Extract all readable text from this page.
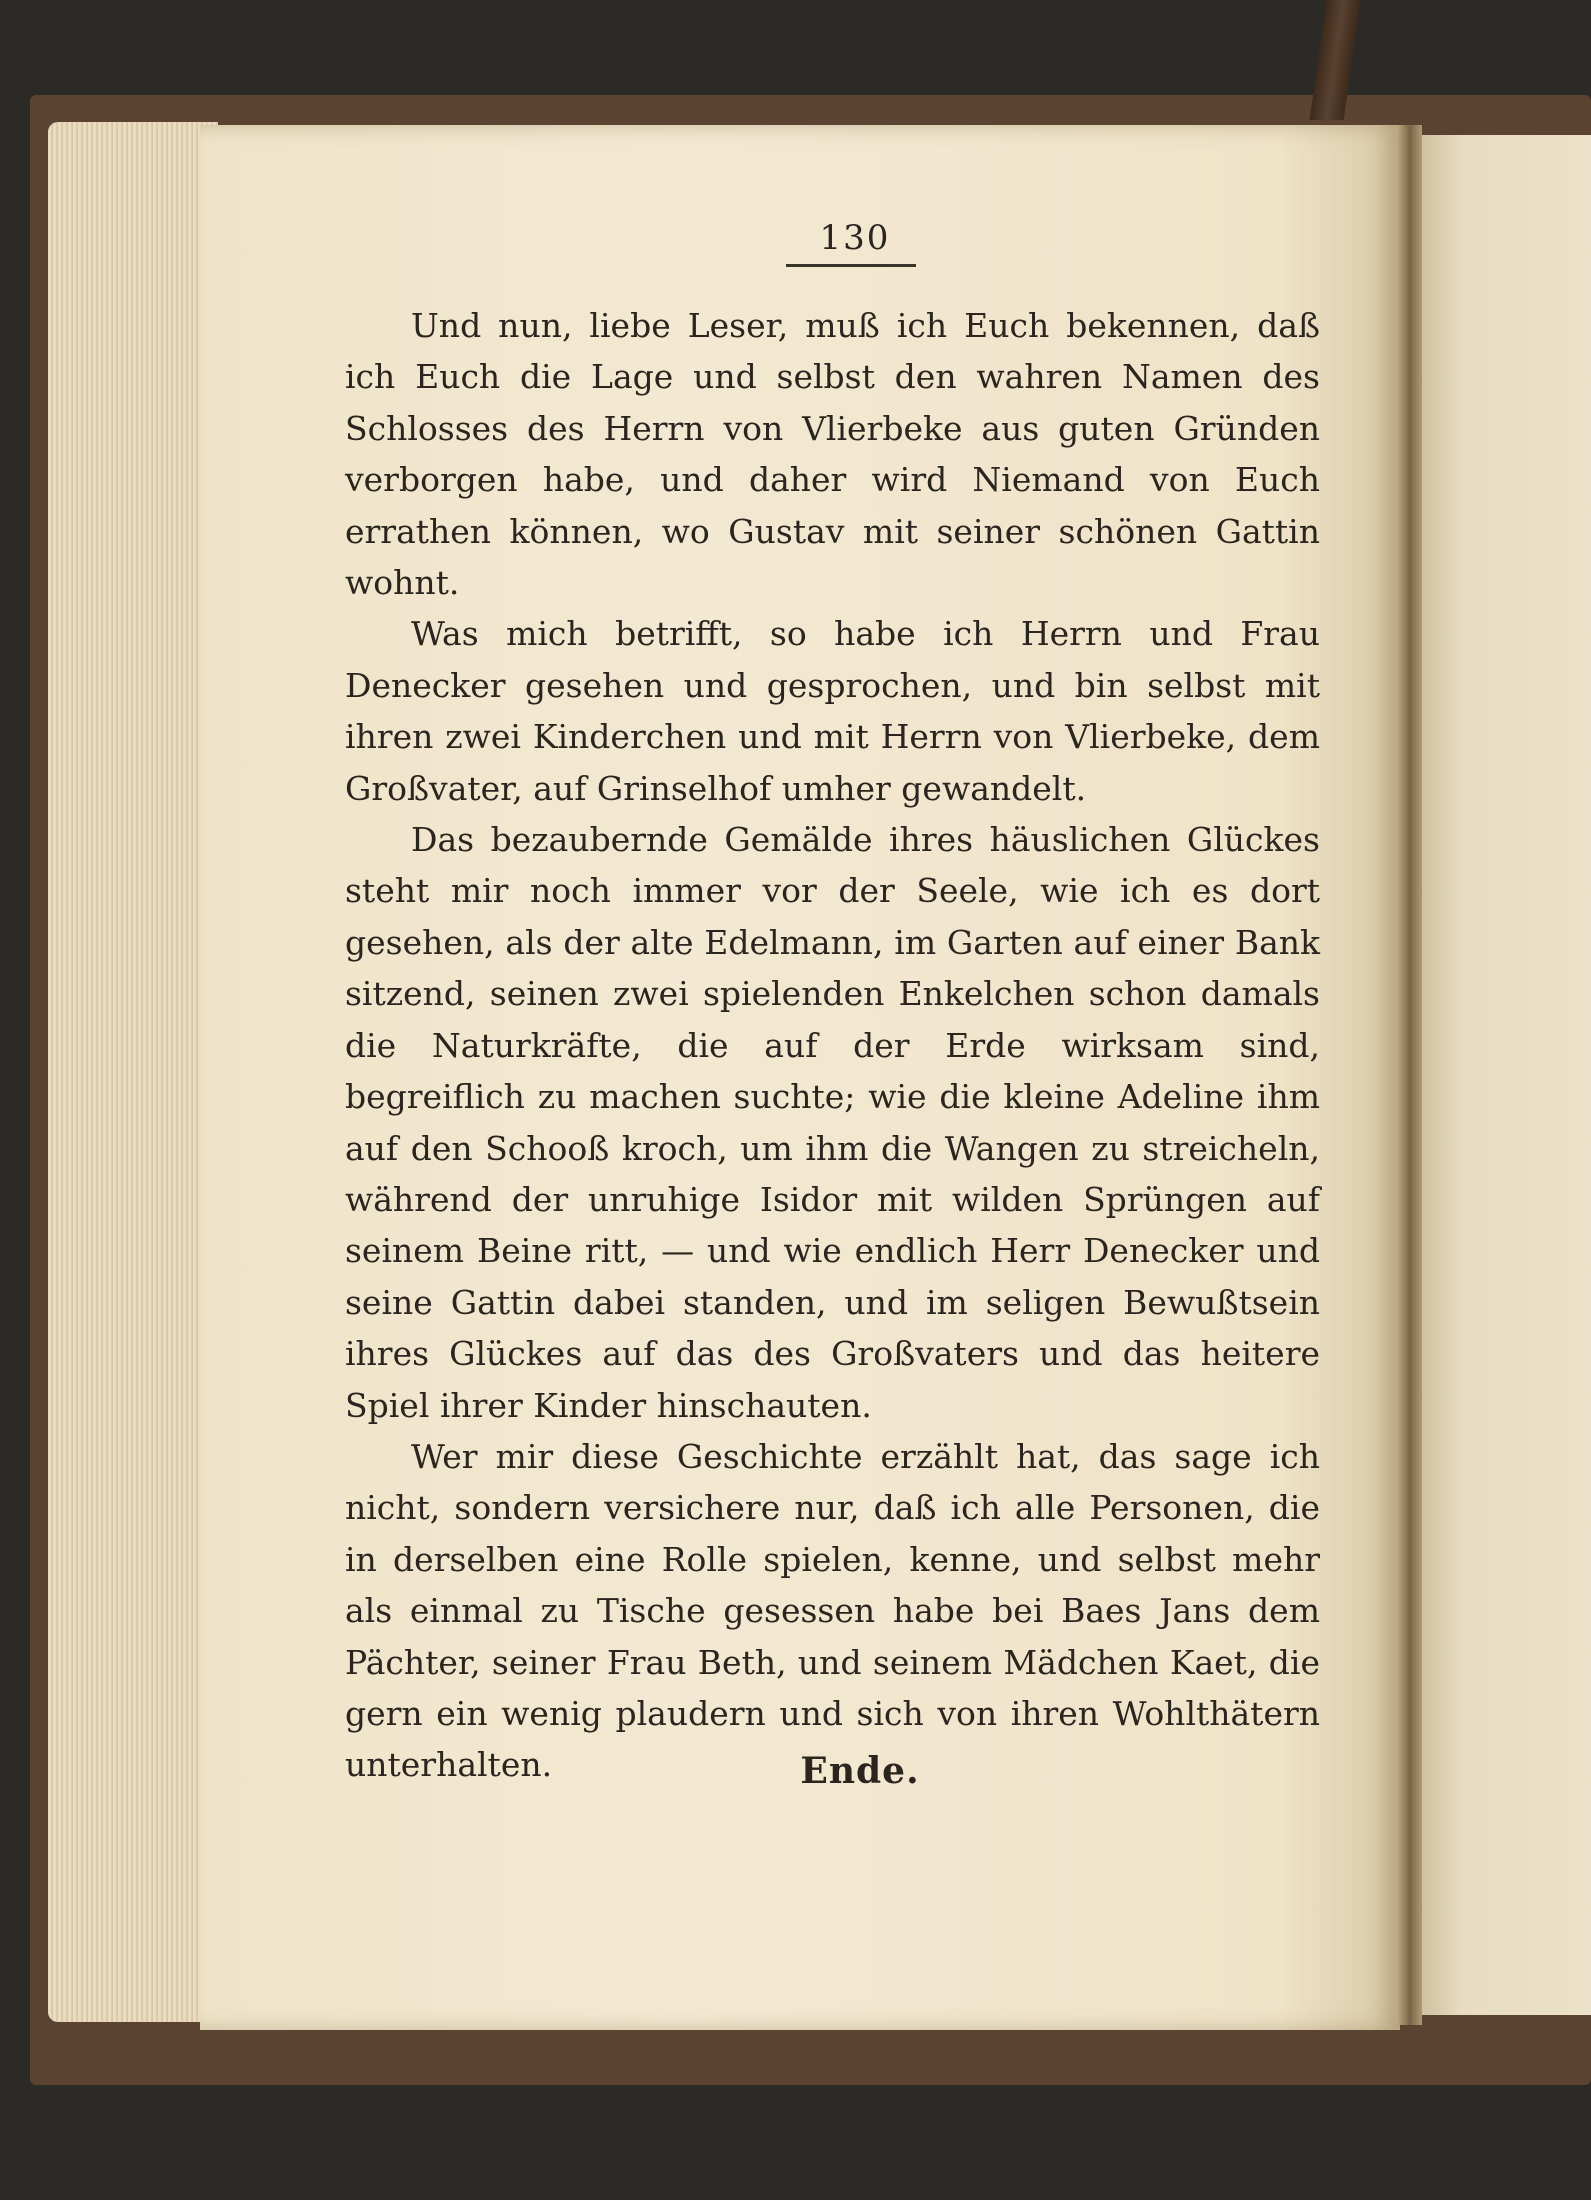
130

Und nun, liebe Leser, muß ich Euch bekennen, daß ich Euch die Lage und selbst den wahren Namen des Schlosses des Herrn von Vlierbeke aus guten Gründen verborgen habe, und daher wird Niemand von Euch errathen können, wo Gustav mit seiner schönen Gattin wohnt.

Was mich betrifft, so habe ich Herrn und Frau Denecker gesehen und gesprochen, und bin selbst mit ihren zwei Kinderchen und mit Herrn von Vlierbeke, dem Großvater, auf Grinselhof umher gewandelt.

Das bezaubernde Gemälde ihres häuslichen Glückes steht mir noch immer vor der Seele, wie ich es dort gesehen, als der alte Edelmann, im Garten auf einer Bank sitzend, seinen zwei spielenden Enkelchen schon damals die Naturkräfte, die auf der Erde wirksam sind, begreiflich zu machen suchte; wie die kleine Adeline ihm auf den Schooß kroch, um ihm die Wangen zu streicheln, während der unruhige Isidor mit wilden Sprüngen auf seinem Beine ritt, — und wie endlich Herr Denecker und seine Gattin dabei standen, und im seligen Bewußtsein ihres Glückes auf das des Großvaters und das heitere Spiel ihrer Kinder hinschauten.

Wer mir diese Geschichte erzählt hat, das sage ich nicht, sondern versichere nur, daß ich alle Personen, die in derselben eine Rolle spielen, kenne, und selbst mehr als einmal zu Tische gesessen habe bei Baes Jans dem Pächter, seiner Frau Beth, und seinem Mädchen Kaet, die gern ein wenig plaudern und sich von ihren Wohlthätern unterhalten.	Ende.
